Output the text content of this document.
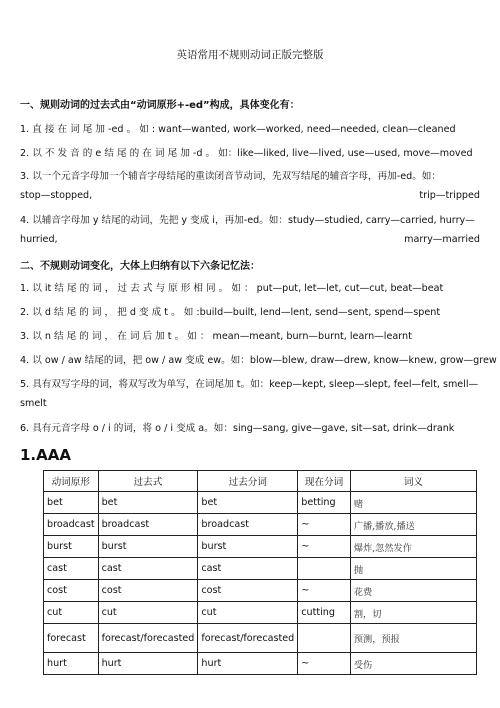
英语常用不规则动词正版完整版
一、规则动词的过去式由“动词原形+-ed”构成，具体变化有：
1. 直 接 在 词 尾 加 -ed 。 如 : want—wanted, work—worked, need—needed, clean—cleaned
2. 以 不 发 音 的 e 结 尾 的 在 词 尾 加 -d 。 如：like—liked, live—lived, use—used, move—moved
3. 以一个元音字母加一个辅音字母结尾的重读闭音节动词，先双写结尾的辅音字母，再加-ed。如：
stop—stopped,	trip—tripped
4. 以辅音字母加 y 结尾的动词，先把 y 变成 i，再加-ed。如：study—studied, carry—carried, hurry—
hurried,	marry—married
二、不规则动词变化，大体上归纳有以下六条记忆法：
1. 以 it 结 尾 的 词 ， 过 去 式 与 原 形 相 同 。 如 ： put—put, let—let, cut—cut, beat—beat
2. 以 d 结 尾 的 词 ， 把 d 变 成 t 。 如 :build—built, lend—lent, send—sent, spend—spent
3. 以 n 结 尾 的 词 ， 在 词 后 加 t 。 如 ： mean—meant, burn—burnt, learn—learnt
4. 以 ow / aw 结尾的词，把 ow / aw 变成 ew。如：blow—blew, draw—drew, know—knew, grow—grew
5. 具有双写字母的词，将双写改为单写，在词尾加 t。如：keep—kept, sleep—slept, feel—felt, smell—
smelt
6. 具有元音字母 o / i 的词，将 o / i 变成 a。如：sing—sang, give—gave, sit—sat, drink—drank
1.AAA
动词原形	过去式	过去分词	现在分词	词义
bet	bet	bet	betting	赌
broadcast	broadcast	broadcast	~	广播,播放,播送
burst	burst	burst	~	爆炸,忽然发作
cast	cast	cast		抛
cost	cost	cost	~	花费
cut	cut	cut	cutting	割，切
forecast	forecast/forecasted	forecast/forecasted		预测，预报
hurt	hurt	hurt	~	受伤
